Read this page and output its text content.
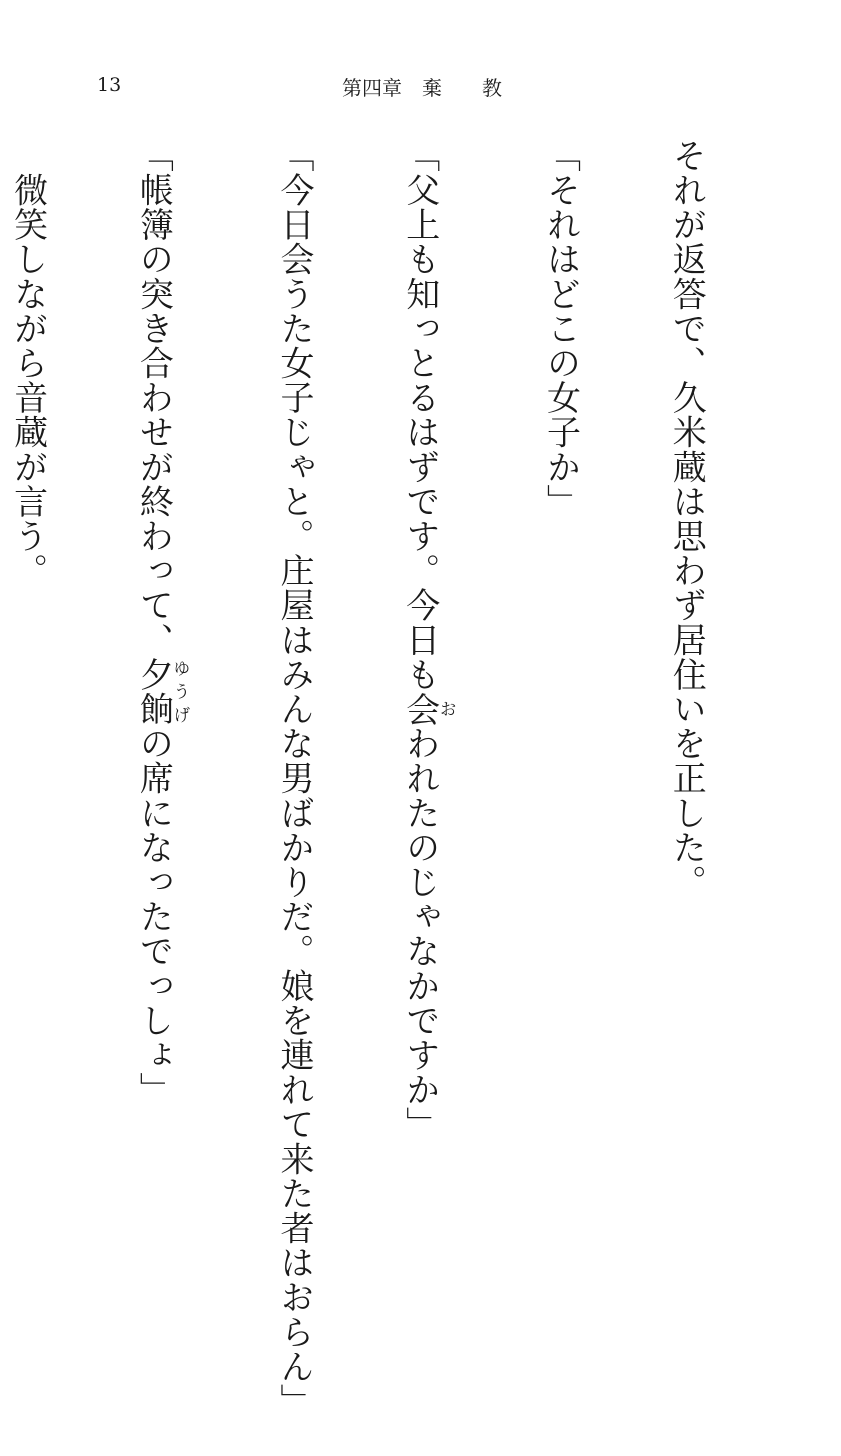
13	第四章　棄　　教

それが返答で、久米蔵は思わず居住いを正した。

「それはどこの女子か」

「父上も知っとるはずです。今日も会おわれたのじゃなかですか」

「今日会うた女子じゃと。庄屋はみんな男ばかりだ。娘を連れて来た者はおらん」

「帳簿の突き合わせが終わって、夕餉ゆうげの席になったでっしょ」

　微笑しながら音蔵が言う。
